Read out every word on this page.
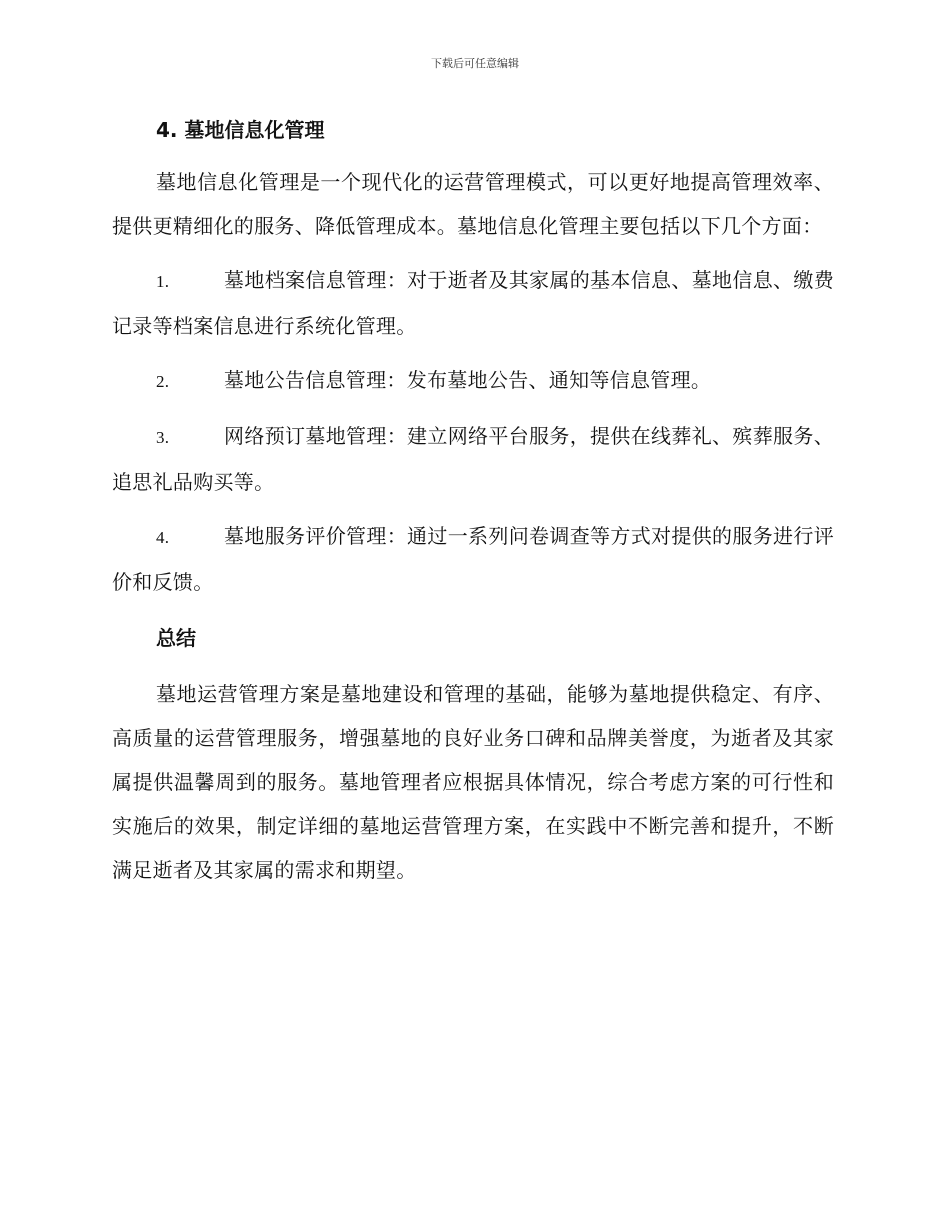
下载后可任意编辑
4. 墓地信息化管理

墓地信息化管理是一个现代化的运营管理模式，可以更好地提高管理效率、提供更精细化的服务、降低管理成本。墓地信息化管理主要包括以下几个方面：

1.	墓地档案信息管理：对于逝者及其家属的基本信息、墓地信息、缴费记录等档案信息进行系统化管理。

2.	墓地公告信息管理：发布墓地公告、通知等信息管理。

3.	网络预订墓地管理：建立网络平台服务，提供在线葬礼、殡葬服务、追思礼品购买等。

4.	墓地服务评价管理：通过一系列问卷调查等方式对提供的服务进行评价和反馈。

总结

墓地运营管理方案是墓地建设和管理的基础，能够为墓地提供稳定、有序、高质量的运营管理服务，增强墓地的良好业务口碑和品牌美誉度，为逝者及其家属提供温馨周到的服务。墓地管理者应根据具体情况，综合考虑方案的可行性和实施后的效果，制定详细的墓地运营管理方案，在实践中不断完善和提升，不断满足逝者及其家属的需求和期望。
